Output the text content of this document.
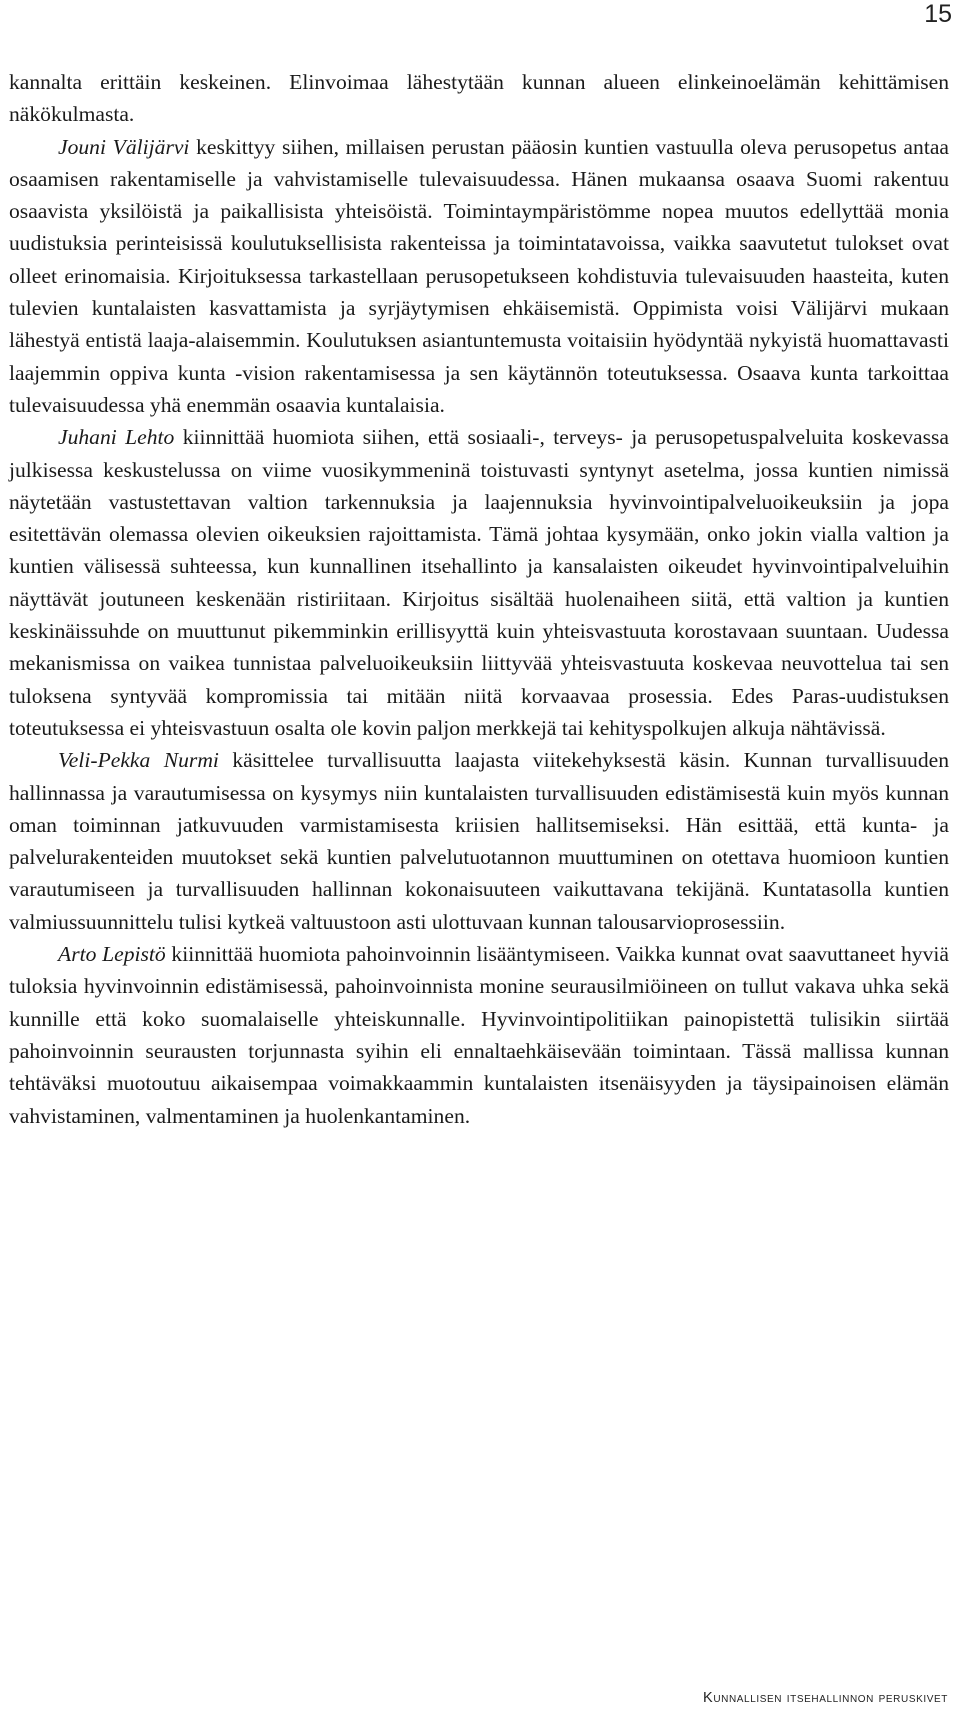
15

kannalta erittäin keskeinen. Elinvoimaa lähestytään kunnan alueen elinkeinoelämän kehittämisen näkökulmasta.

Jouni Välijärvi keskittyy siihen, millaisen perustan pääosin kuntien vastuulla oleva perusopetus antaa osaamisen rakentamiselle ja vahvistamiselle tulevaisuudessa. Hänen mukaansa osaava Suomi rakentuu osaavista yksilöistä ja paikallisista yhteisöistä. Toimintaympäristömme nopea muutos edellyttää monia uudistuksia perinteisissä koulutuksellisista rakenteissa ja toimintatavoissa, vaikka saavutetut tulokset ovat olleet erinomaisia. Kirjoituksessa tarkastellaan perusopetukseen kohdistuvia tulevaisuuden haasteita, kuten tulevien kuntalaisten kasvattamista ja syrjäytymisen ehkäisemistä. Oppimista voisi Välijärvi mukaan lähestyä entistä laaja-alaisemmin. Koulutuksen asiantuntemusta voitaisiin hyödyntää nykyistä huomattavasti laajemmin oppiva kunta -vision rakentamisessa ja sen käytännön toteutuksessa. Osaava kunta tarkoittaa tulevaisuudessa yhä enemmän osaavia kuntalaisia.

Juhani Lehto kiinnittää huomiota siihen, että sosiaali-, terveys- ja perusopetuspalveluita koskevassa julkisessa keskustelussa on viime vuosikymmeninä toistuvasti syntynyt asetelma, jossa kuntien nimissä näytetään vastustettavan valtion tarkennuksia ja laajennuksia hyvinvointipalveluoikeuksiin ja jopa esitettävän olemassa olevien oikeuksien rajoittamista. Tämä johtaa kysymään, onko jokin vialla valtion ja kuntien välisessä suhteessa, kun kunnallinen itsehallinto ja kansalaisten oikeudet hyvinvointipalveluihin näyttävät joutuneen keskenään ristiriitaan. Kirjoitus sisältää huolenaiheen siitä, että valtion ja kuntien keskinäissuhde on muuttunut pikemminkin erillisyyttä kuin yhteisvastuuta korostavaan suuntaan. Uudessa mekanismissa on vaikea tunnistaa palveluoikeuksiin liittyvää yhteisvastuuta koskevaa neuvottelua tai sen tuloksena syntyvää kompromissia tai mitään niitä korvaavaa prosessia. Edes Paras-uudistuksen toteutuksessa ei yhteisvastuun osalta ole kovin paljon merkkejä tai kehityspolkujen alkuja nähtävissä.

Veli-Pekka Nurmi käsittelee turvallisuutta laajasta viitekehyksestä käsin. Kunnan turvallisuuden hallinnassa ja varautumisessa on kysymys niin kuntalaisten turvallisuuden edistämisestä kuin myös kunnan oman toiminnan jatkuvuuden varmistamisesta kriisien hallitsemiseksi. Hän esittää, että kunta- ja palvelurakenteiden muutokset sekä kuntien palvelutuotannon muuttuminen on otettava huomioon kuntien varautumiseen ja turvallisuuden hallinnan kokonaisuuteen vaikuttavana tekijänä. Kuntatasolla kuntien valmiussuunnittelu tulisi kytkeä valtuustoon asti ulottuvaan kunnan talousarvioprosessiin.

Arto Lepistö kiinnittää huomiota pahoinvoinnin lisääntymiseen. Vaikka kunnat ovat saavuttaneet hyviä tuloksia hyvinvoinnin edistämisessä, pahoinvoinnista monine seurausilmiöineen on tullut vakava uhka sekä kunnille että koko suomalaiselle yhteiskunnalle. Hyvinvointipolitiikan painopistettä tulisikin siirtää pahoinvoinnin seurausten torjunnasta syihin eli ennaltaehkäisevään toimintaan. Tässä mallissa kunnan tehtäväksi muotoutuu aikaisempaa voimakkaammin kuntalaisten itsenäisyyden ja täysipainoisen elämän vahvistaminen, valmentaminen ja huolenkantaminen.

Kunnallisen itsehallinnon peruskivet
